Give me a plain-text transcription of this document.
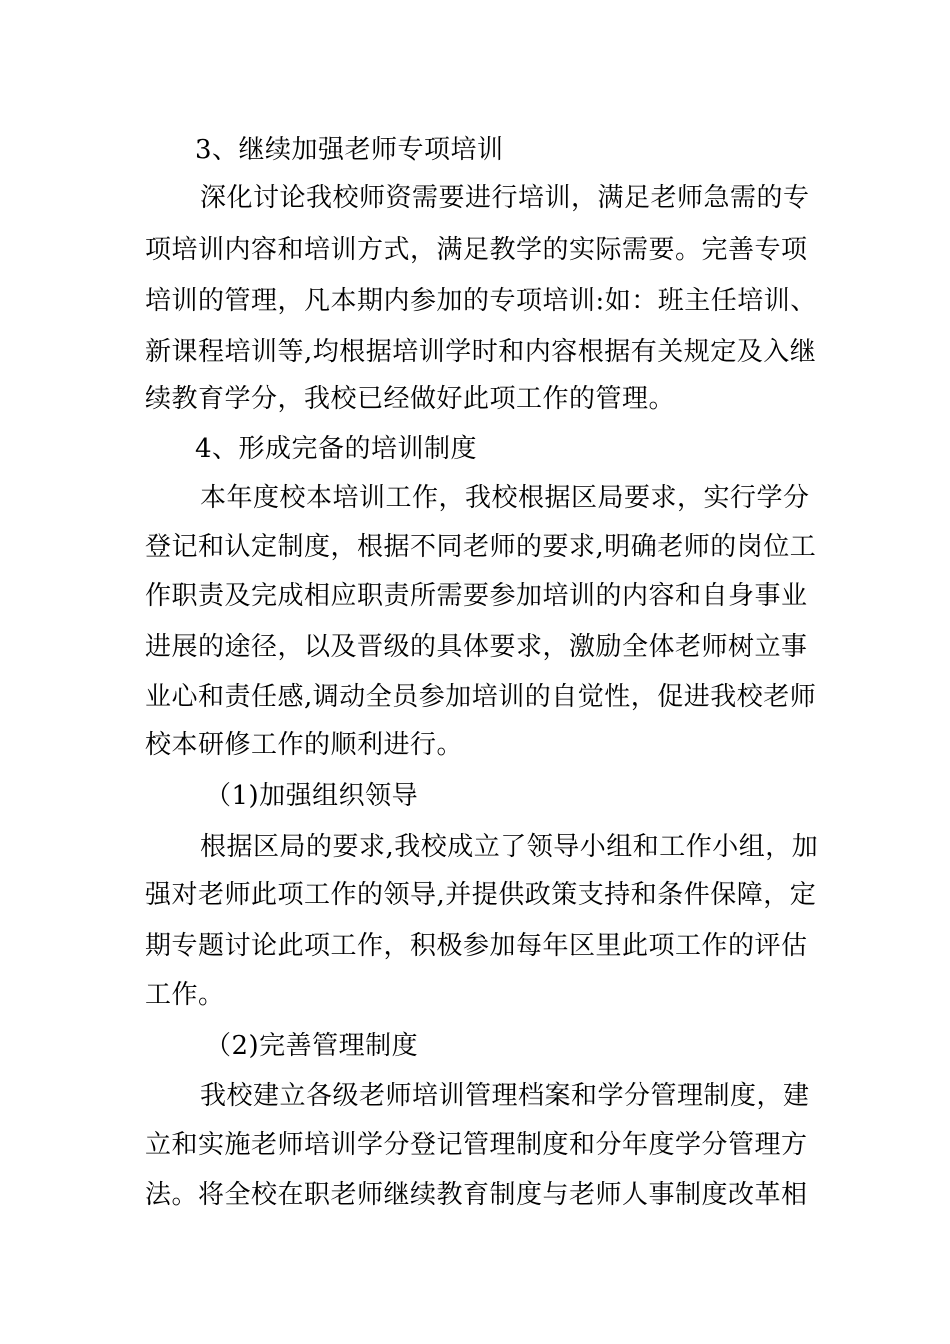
3、继续加强老师专项培训
深化讨论我校师资需要进行培训，满足老师急需的专
项培训内容和培训方式，满足教学的实际需要。完善专项
培训的管理，凡本期内参加的专项培训:如：班主任培训、
新课程培训等,均根据培训学时和内容根据有关规定及入继
续教育学分，我校已经做好此项工作的管理。
4、形成完备的培训制度
本年度校本培训工作，我校根据区局要求，实行学分
登记和认定制度，根据不同老师的要求,明确老师的岗位工
作职责及完成相应职责所需要参加培训的内容和自身事业
进展的途径，以及晋级的具体要求，激励全体老师树立事
业心和责任感,调动全员参加培训的自觉性，促进我校老师
校本研修工作的顺利进行。
（1)加强组织领导
根据区局的要求,我校成立了领导小组和工作小组，加
强对老师此项工作的领导,并提供政策支持和条件保障，定
期专题讨论此项工作，积极参加每年区里此项工作的评估
工作。
（2)完善管理制度
我校建立各级老师培训管理档案和学分管理制度，建
立和实施老师培训学分登记管理制度和分年度学分管理方
法。将全校在职老师继续教育制度与老师人事制度改革相
